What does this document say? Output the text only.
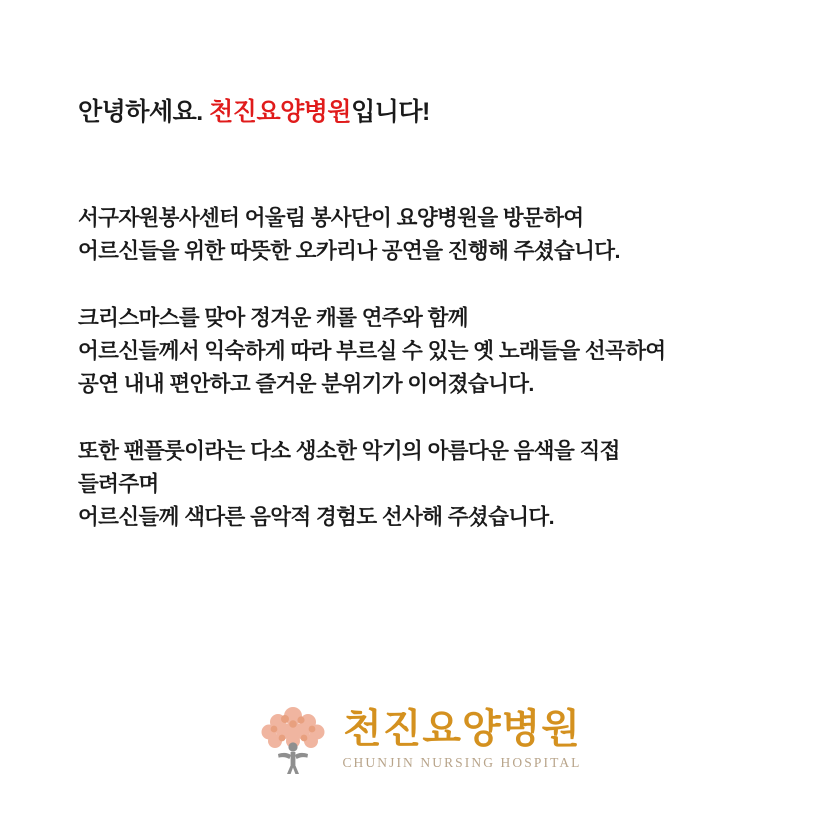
안녕하세요. 천진요양병원입니다!
서구자원봉사센터 어울림 봉사단이 요양병원을 방문하여
어르신들을 위한 따뜻한 오카리나 공연을 진행해 주셨습니다.
크리스마스를 맞아 정겨운 캐롤 연주와 함께
어르신들께서 익숙하게 따라 부르실 수 있는 옛 노래들을 선곡하여
공연 내내 편안하고 즐거운 분위기가 이어졌습니다.
또한 팬플룻이라는 다소 생소한 악기의 아름다운 음색을 직접
들려주며
어르신들께 색다른 음악적 경험도 선사해 주셨습니다.
천진요양병원
CHUNJIN NURSING HOSPITAL
